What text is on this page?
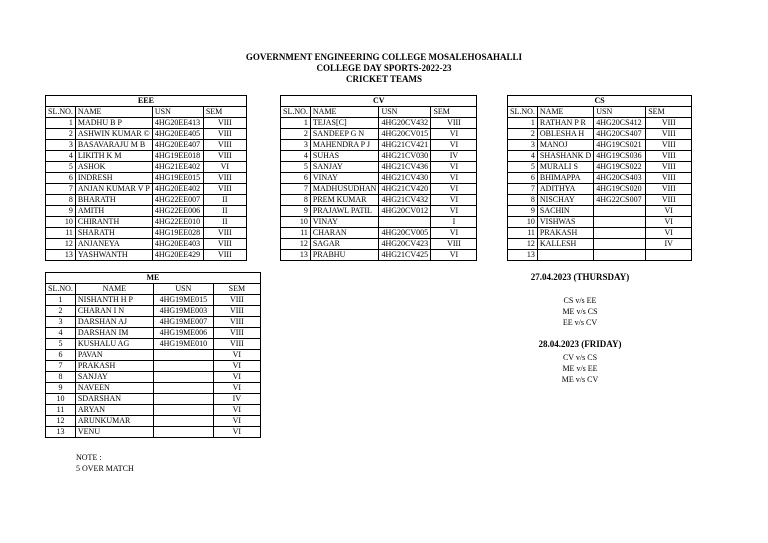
GOVERNMENT ENGINEERING COLLEGE MOSALEHOSAHALLI
COLLEGE DAY SPORTS-2022-23
CRICKET TEAMS
EEE			
SL.NO.	NAME	USN	SEM
1	MADHU B P	4HG20EE413	VIII
2	ASHWIN KUMAR ©	4HG20EE405	VIII
3	BASAVARAJU M B	4HG20EE407	VIII
4	LIKITH K M	4HG19EE018	VIII
5	ASHOK	4HG21EE402	VI
6	INDRESH	4HG19EE015	VIII
7	ANJAN KUMAR V P	4HG20EE402	VIII
8	BHARATH	4HG22EE007	II
9	AMITH	4HG22EE006	II
10	CHIRANTH	4HG22EE010	II
11	SHARATH	4HG19EE028	VIII
12	ANJANEYA	4HG20EE403	VIII
13	YASHWANTH	4HG20EE429	VIII
CV			
SL.NO.	NAME	USN	SEM
1	TEJAS[C]	4HG20CV432	VIII
2	SANDEEP G N	4HG20CV015	VI
3	MAHENDRA P J	4HG21CV421	VI
4	SUHAS	4HG21CV030	IV
5	SANJAY	4HG21CV436	VI
6	VINAY	4HG21CV430	VI
7	MADHUSUDHAN	4HG21CV420	VI
8	PREM KUMAR	4HG21CV432	VI
9	PRAJAWL PATIL	4HG20CV012	VI
10	VINAY		I
11	CHARAN	4HG20CV005	VI
12	SAGAR	4HG20CV423	VIII
13	PRABHU	4HG21CV425	VI
CS			
SL.NO.	NAME	USN	SEM
1	RATHAN P R	4HG20CS412	VIII
2	OBLESHA H	4HG20CS407	VIII
3	MANOJ	4HG19CS021	VIII
4	SHASHANK D	4HG19CS036	VIII
5	MURALI S	4HG19CS022	VIII
6	BHIMAPPA	4HG20CS403	VIII
7	ADITHYA	4HG19CS020	VIII
8	NISCHAY	4HG22CS007	VIII
9	SACHIN		VI
10	VISHWAS		VI
11	PRAKASH		VI
12	KALLESH		IV
13			
ME			
SL.NO.	NAME	USN	SEM
1	NISHANTH H P	4HG19ME015	VIII
2	CHARAN I N	4HG19ME003	VIII
3	DARSHAN AJ	4HG19ME007	VIII
4	DARSHAN IM	4HG19ME006	VIII
5	KUSHALU AG	4HG19ME010	VIII
6	PAVAN		VI
7	PRAKASH		VI
8	SANJAY		VI
9	NAVEEN		VI
10	SDARSHAN		IV
11	ARYAN		VI
12	ARUNKUMAR		VI
13	VENU		VI
27.04.2023 (THURSDAY)
CS v/s EE
ME v/s CS
EE v/s CV
28.04.2023 (FRIDAY)
CV v/s CS
ME v/s EE
ME v/s CV
NOTE :
5 OVER MATCH
